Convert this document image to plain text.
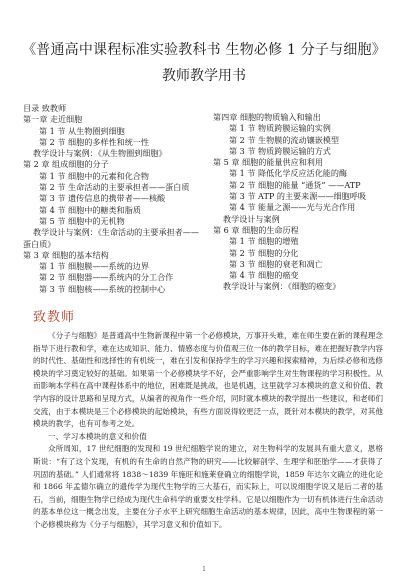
《普通高中课程标准实验教科书 生物必修 1 分子与细胞》
教师教学用书
目录 致教师
第一章 走近细胞
第 1 节 从生物圈到细胞
第 2 节 细胞的多样性和统一性
教学设计与案例：《从生物圈到细胞》
第 2 章 组成细胞的分子
第 1 节 细胞中的元素和化合物
第 2 节 生命活动的主要承担者——蛋白质
第 3 节 遗传信息的携带者——核酸
第 4 节 细胞中的糖类和脂质
第 5 节 细胞中的无机物
教学设计与案例：《生命活动的主要承担者——
蛋白质》
第 3 章 细胞的基本结构
第 1 节 细胞膜——系统的边界
第 2 节 细胞器——系统内的分工合作
第 3 节 细胞核——系统的控制中心
第四章 细胞的物质输入和输出
第 1 节 物质跨膜运输的实例
第 2 节 生物膜的流动镶嵌模型
第 3 节 物质跨膜运输的方式
第 5 章 细胞的能量供应和利用
第 1 节 降低化学反应活化能的酶
第 2 节 细胞的能量 “通货” ——ATP
第 3 节 ATP 的主要来源——细胞呼吸
第 4 节 能量之源——光与光合作用
教学设计与案例
第 6 章 细胞的生命历程
第 1 节 细胞的增殖
第 2 节 细胞的分化
第 3 节 细胞的衰老和凋亡
第 4 节 细胞的癌变
教学设计与案例：《细胞的癌变》
致教师

《分子与细胞》是普通高中生物新课程中第一个必修模块，万事开头难，难在师生要在新的课程理念指导下进行教和学，难在达成知识、能力、情感态度与价值观三位一体的教学目标，难在把握好教学内容的时代性、基础性和选择性的有机统一，难在引发和保持学生的学习兴趣和探索精神，为后续必修和选修模块的学习奠定较好的基础。如果第一个必修模块学不好，会严重影响学生对生物课程的学习积极性。从而影响本学科在高中课程体系中的地位，困难既是挑战，也是机遇，这里就学习本模块的意义和价值、教学内容的设计思路和呈现方式，从编者的视角作一些介绍，同时就本模块的教学提出一些建议，和老师们交流，由于本模块是三个必修模块的起始模块，有些方面说得较更泛一点，既针对本模块的教学，对其他模块的教学，也有可参考之处。

一、学习本模块的意义和价值

众所周知，17 世纪细胞的发现和 19 世纪细胞学说的建立，对生物科学的发展具有重大意义，恩格斯说：“有了这个发现，有机的有生命的自然产物的研究——比较解剖学、生理学和胚胎学——才获得了巩固的基础。” 人们通常将 1838～1839 年施旺和施莱登确立的细胞学说，1859 年达尔文确立的进化论和 1866 年孟德尔确立的遗传学为现代生物学的三大基石，而实际上，可以说细胞学说又是后二者的基石，当前，细胞生物学已经成为现代生命科学的重要支柱学科。它是以细胞作为一切有机体进行生命活动的基本单位这一概念出发，主要在分子水平上研究细胞生命活动的基本规律，因此，高中生物课程的第一个必修模块称为《分子与细胞》，其学习意义和价值如下。

1
